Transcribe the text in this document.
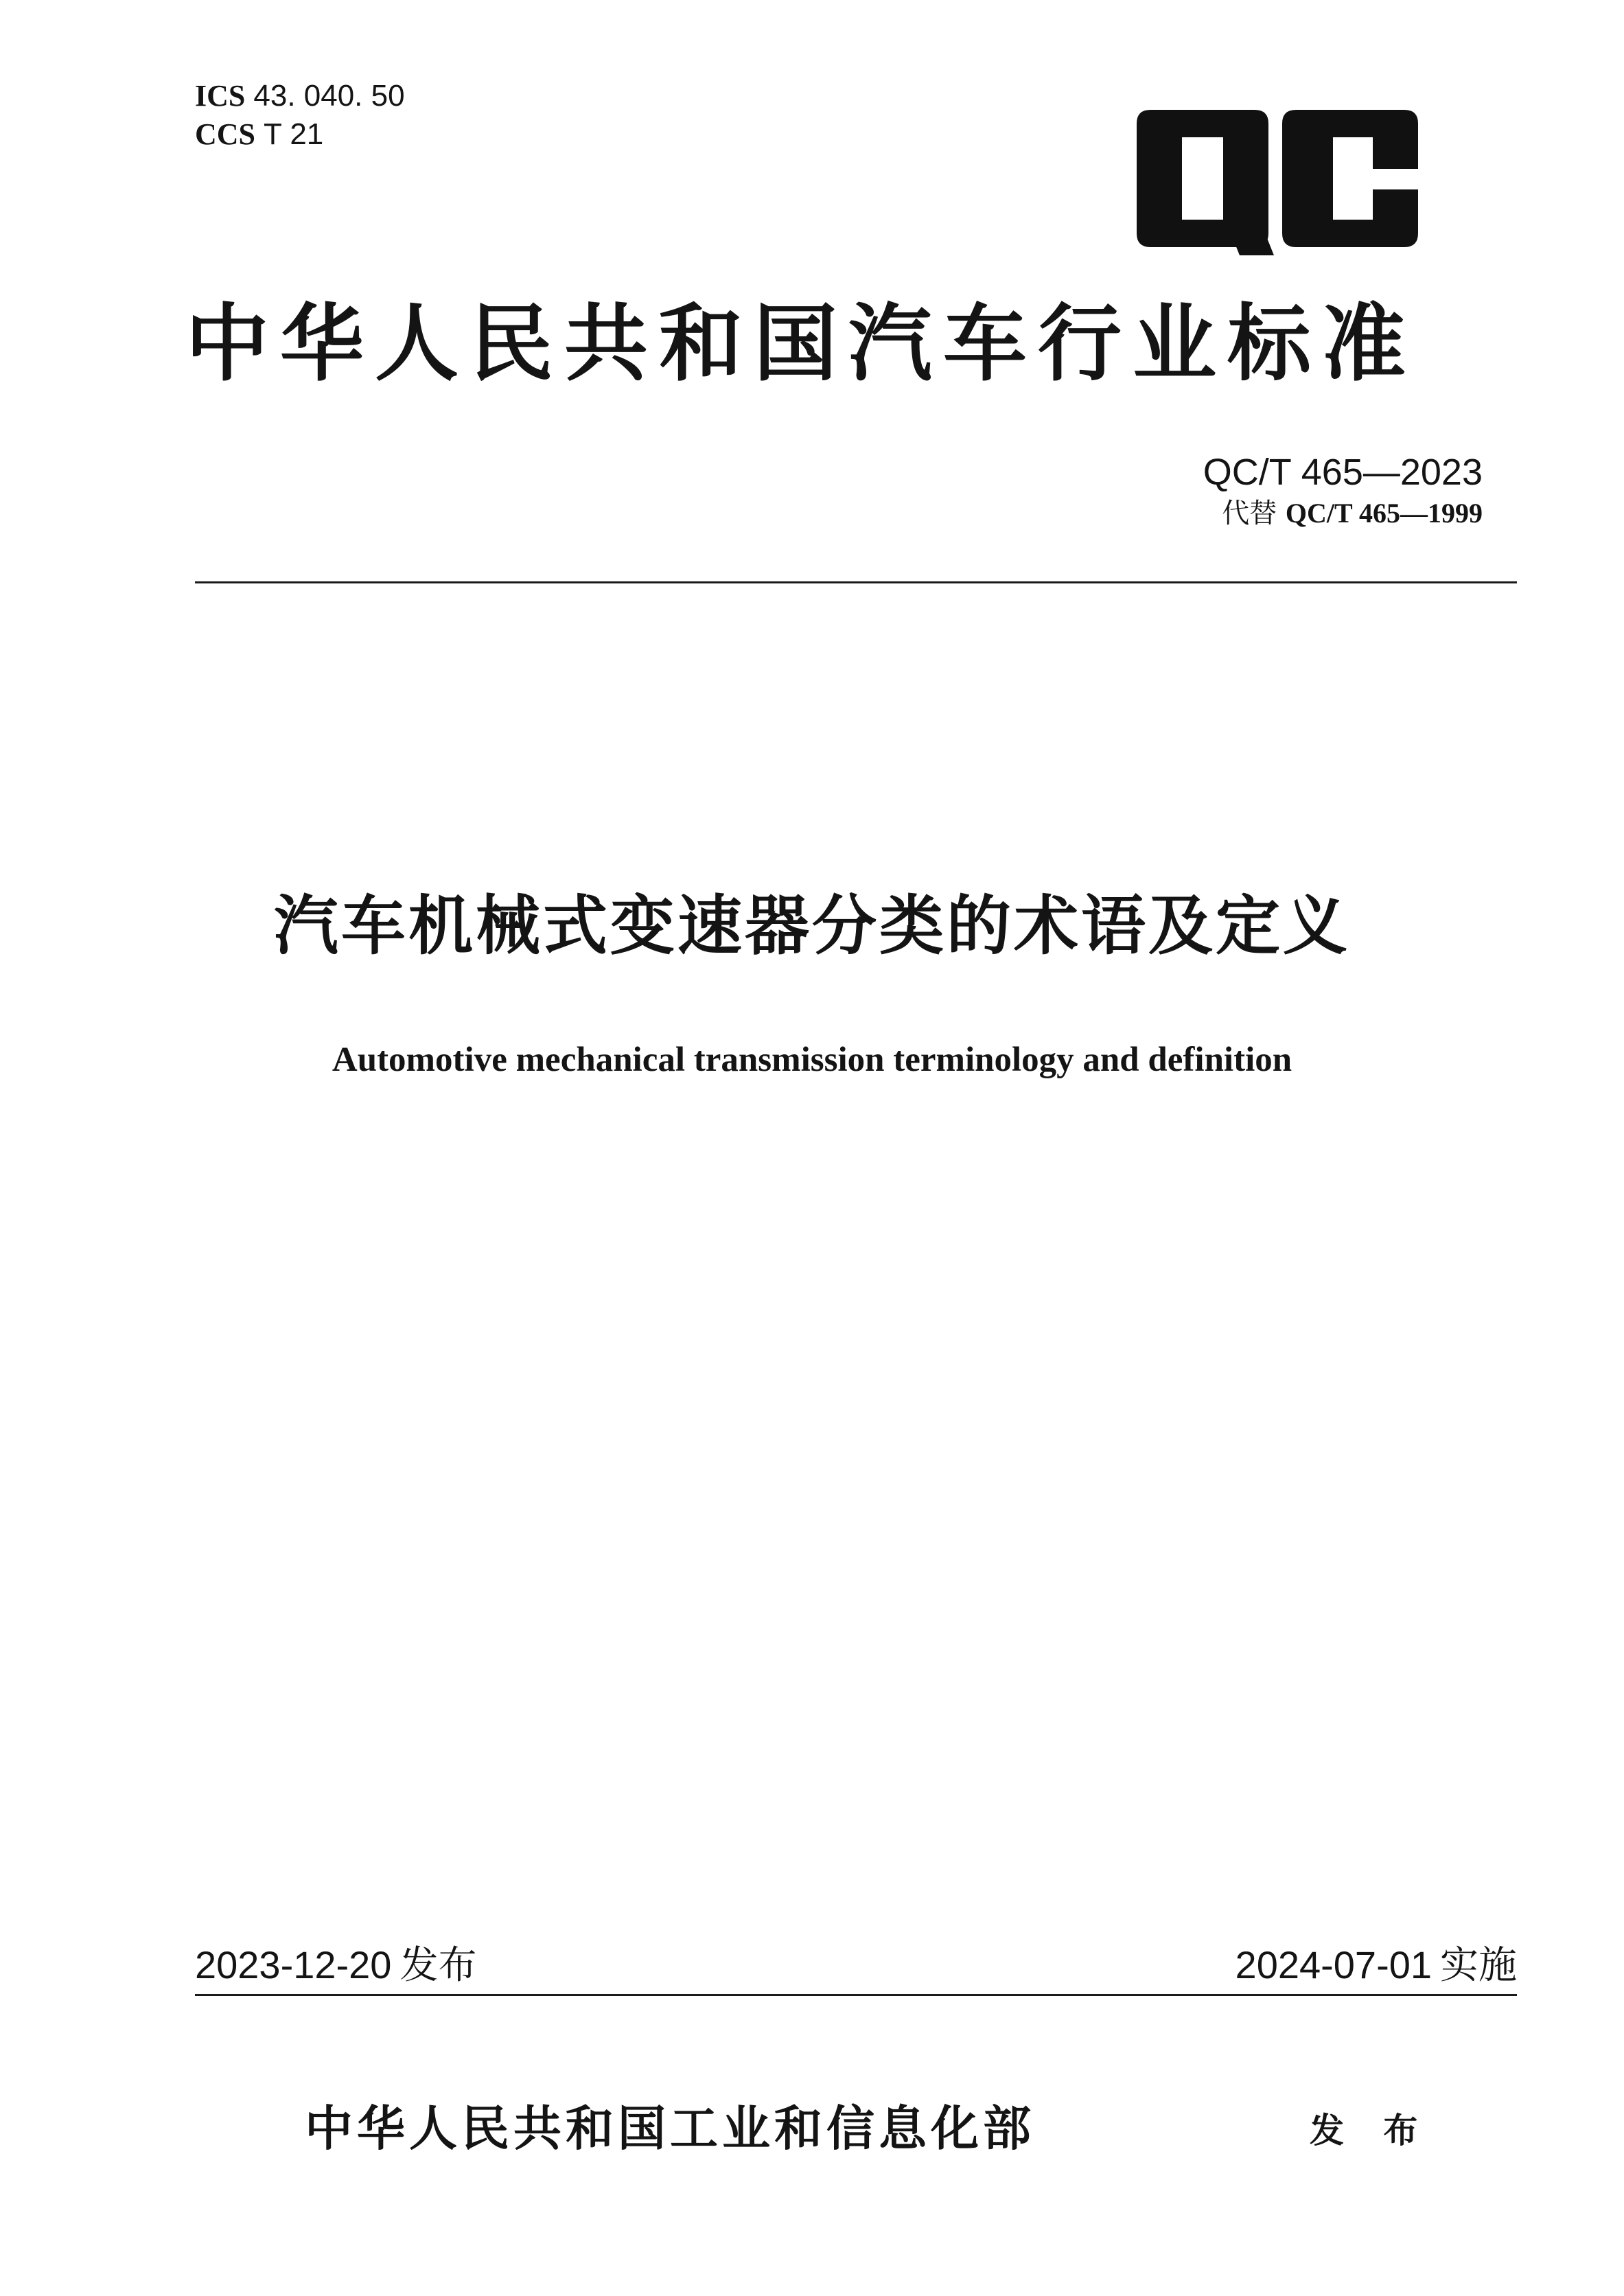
ICS 43. 040. 50
CCS T 21
中华人民共和国汽车行业标准
QC/T 465—2023
代替 QC/T 465—1999
汽车机械式变速器分类的术语及定义
Automotive mechanical transmission terminology and definition
2023-12-20 发布	2024-07-01 实施
中华人民共和国工业和信息化部	发 布
